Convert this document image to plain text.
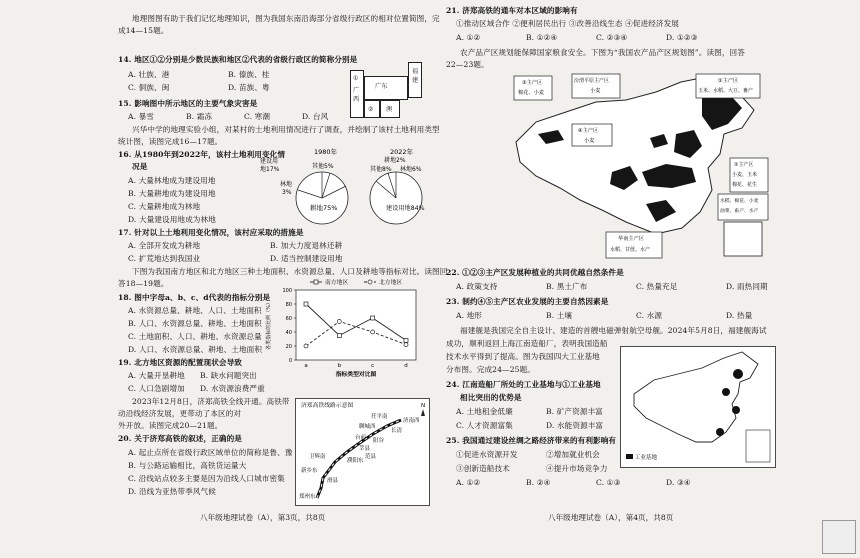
地理图图有助于我们记忆地理知识，图为我国东南沿海部分省级行政区的相对位置简图，完
成14—15题。
14. 地区①②分别是少数民族和地区②代表的省级行政区的简称分别是
A. 壮族、港	B. 傣族、桂
C. 侗族、闽	D. 苗族、粤
①
广西
广东
福建
② 澳
15. 影响图中所示地区的主要气象灾害是
A. 暴雪	B. 霜冻	C. 寒潮	D. 台风
兴华中学的地理实验小组，对某村的土地利用情况进行了调查，并绘制了该村土地利用类型
统计图，读图完成16—17题。
16. 从1980年到2022年，该村土地利用变化情
况是
A. 大量林地成为建设用地
B. 大量耕地成为建设用地
C. 大量耕地成为林地
D. 大量建设用地成为林地
1980年	2022年
建设用
地17%	其他5%
林地
3%
耕地75%
耕地2%
其他8% 林地6%
建设用地84%
17. 针对以上土地利用变化情况，该村应采取的措施是
A. 全部开发成为耕地	B. 加大力度退林还耕
C. 扩荒地达到我国业	D. 适当控制建设用地
下图为我国南方地区和北方地区三种土地面积、水资源总量、人口及耕地等指标对比。读图回
答18—19题。
18. 图中字母a、b、c、d代表的指标分别是
A. 水资源总量、耕地、人口、土地面积
B. 人口、水资源总量、耕地、土地面积
C. 土地面积、人口、耕地、水资源总量
D. 人口、水资源总量、耕地、土地面积
19. 北方地区资源的配置现状会导致
A. 大量开垦耕地 B. 缺水问题突出
C. 人口急剧增加 D. 水资源浪费严重
0
20
40
60
80
100
a	b	c	d
各类指标的比例（%）
指标类型对比图
南方地区	北方地区
2023年12月8日，济郑高铁全线开通。高铁带
动沿线经济发展，更带动了本区的对
外开放。读图完成20—21题。
20. 关于济郑高铁的叙述，正确的是
A. 起止点所在省级行政区域单位的简称是鲁、豫
B. 与公路运输相比，高铁货运量大
C. 沿线站点较多主要是因为沿线人口城市密集
D. 沿线为亚热带季风气候
济郑高铁线路示意图	N
济南西
茌平南
聊城西
阳谷
莘县
濮阳东
长清
台前
范县
卫辉南
新乡东
郑州东
滑县
八年级地理试卷（A），第3页，共8页
21. 济郑高铁的通车对本区域的影响有
①推动区域合作 ②便利居民出行 ③改善沿线生态 ④促进经济发展
A. ①②	B. ①②④	C. ②③④	D. ①②③
农产品产区规划能保障国家粮食安全。下图为“我国农产品产区规划图”。读图，回答
22—23题。
③主产区
棉花、小麦
汾渭平原主产区
小麦
①主产区
玉米、水稻、大豆、畜产
④主产区
小麦
②主产区
小麦、玉米
棉花、花生
水稻、棉花、小麦
油菜、畜产、水产
华南主产区
水稻、甘蔗、水产
22. ①②③主产区发展种植业的共同优越自然条件是
A. 政策支持	B. 黑土广布	C. 热量充足	D. 雨热同期
23. 制约④⑤主产区农业发展的主要自然因素是
A. 地形	B. 土壤	C. 水源	D. 热量
福建舰是我国完全自主设计、建造的首艘电磁弹射航空母舰。2024年5月8日，福建舰海试
成功，顺利返回上海江南造船厂，表明我国造船
技术水平得到了提高。图为我国四大工业基地
分布图。完成24—25题。
24. 江南造船厂所处的工业基地与①工业基地
相比突出的优势是
A. 土地租金低廉	B. 矿产资源丰富
C. 人才资源富集	D. 水能资源丰富
工业基地
25. 我国通过建设丝绸之路经济带来的有利影响有
①促进水资源开发	②增加就业机会
③创新造船技术	④提升市场竞争力
A. ①②	B. ②④	C. ①③	D. ③④
八年级地理试卷（A），第4页，共8页
